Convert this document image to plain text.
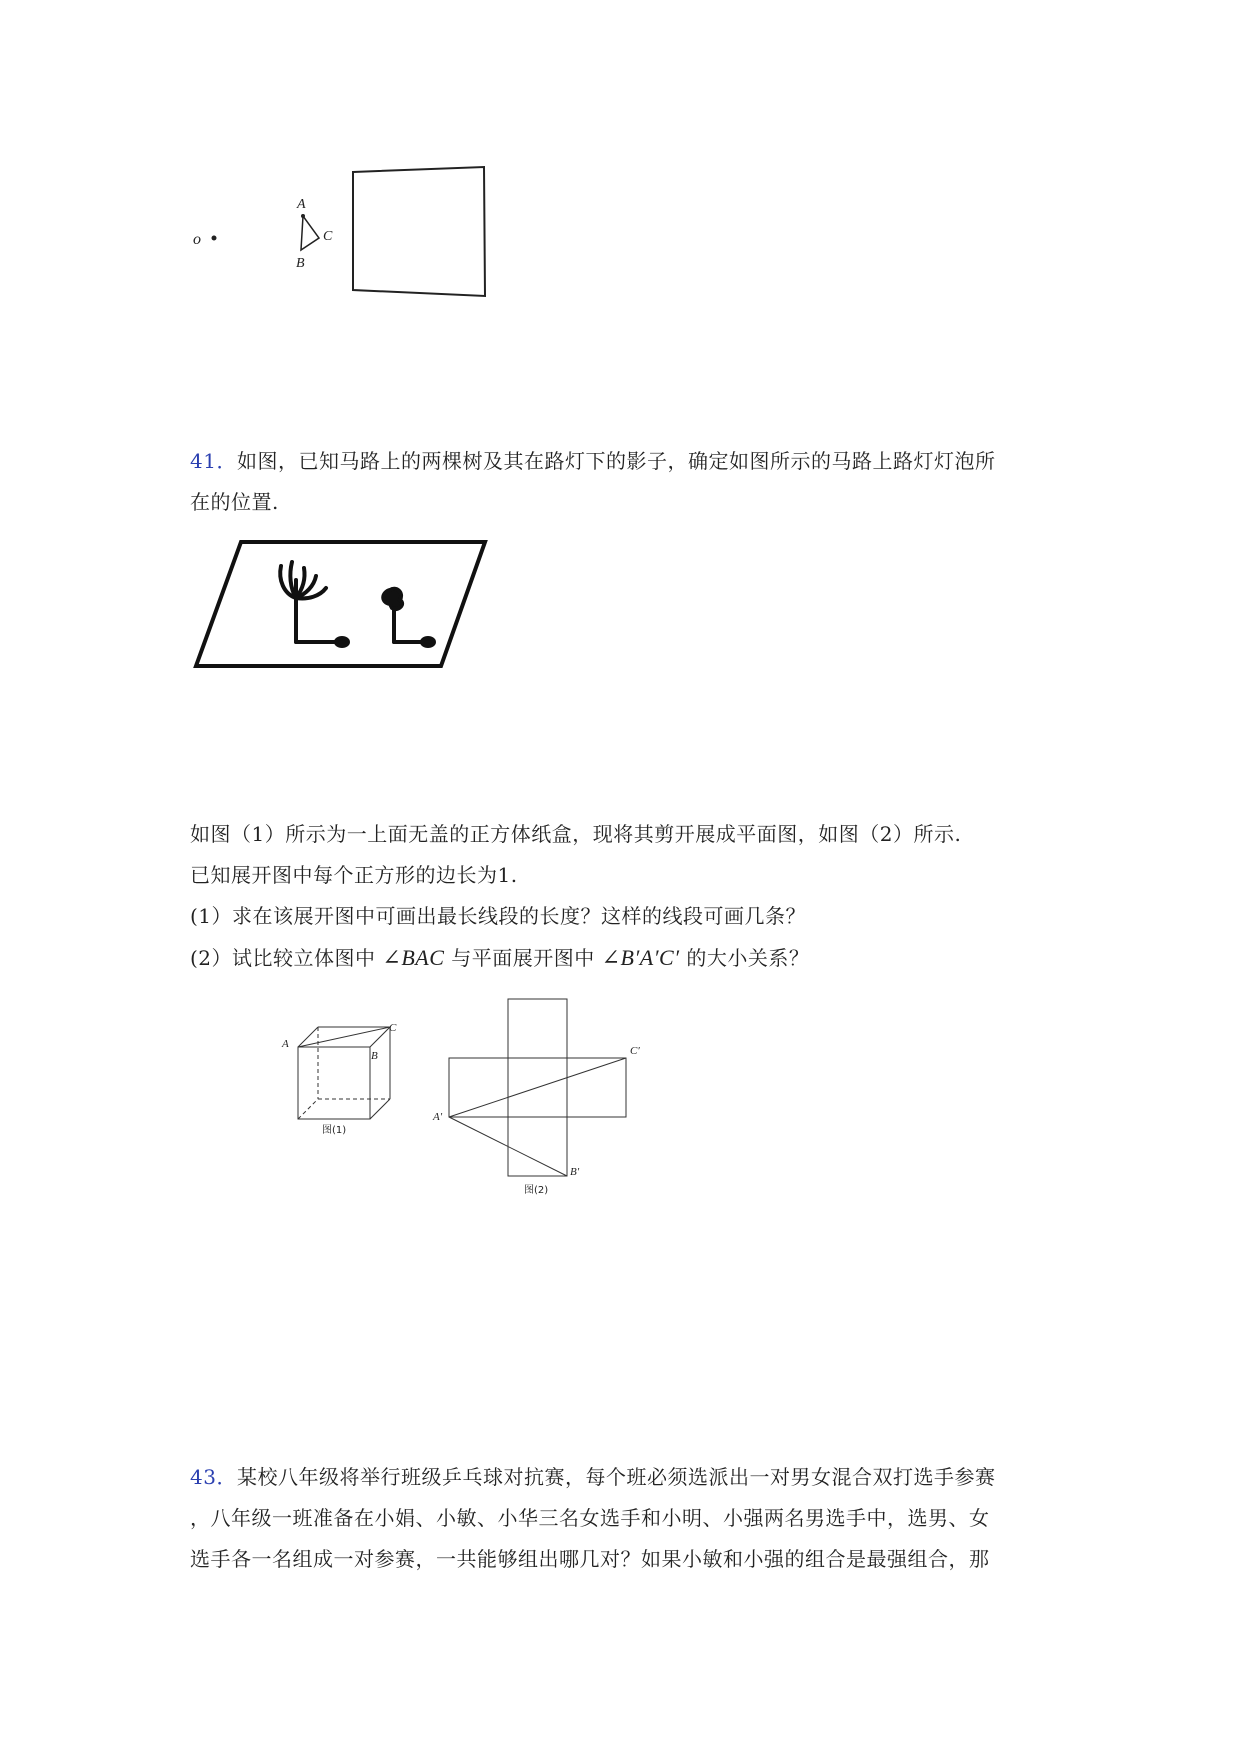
o
A
C
B
41．如图，已知马路上的两棵树及其在路灯下的影子，确定如图所示的马路上路灯灯泡所
在的位置.
如图（1）所示为一上面无盖的正方体纸盒，现将其剪开展成平面图，如图（2）所示.
已知展开图中每个正方形的边长为1.
(1）求在该展开图中可画出最长线段的长度？这样的线段可画几条？
(2）试比较立体图中 ∠BAC 与平面展开图中 ∠B′A′C′ 的大小关系？
A
C
B
图(1)
C′
A′
B′
图(2)
43．某校八年级将举行班级乒乓球对抗赛，每个班必须选派出一对男女混合双打选手参赛
，八年级一班准备在小娟、小敏、小华三名女选手和小明、小强两名男选手中，选男、女
选手各一名组成一对参赛，一共能够组出哪几对？如果小敏和小强的组合是最强组合，那
